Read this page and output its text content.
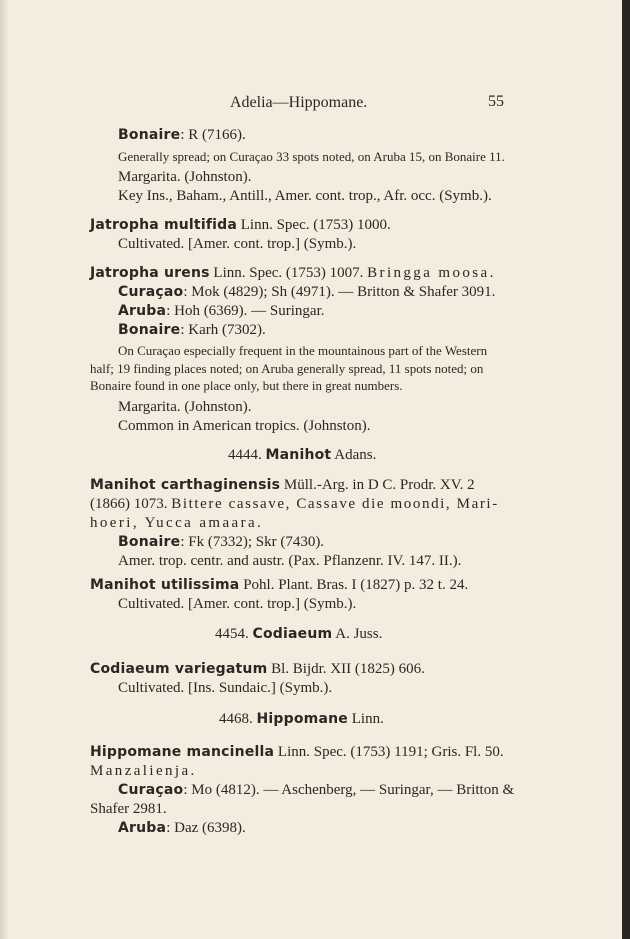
Adelia—Hippomane.	55
Bonaire: R (7166).
Generally spread; on Curaçao 33 spots noted, on Aruba 15, on Bonaire 11.
Margarita. (Johnston).
Key Ins., Baham., Antill., Amer. cont. trop., Afr. occ. (Symb.).
Jatropha multifida Linn. Spec. (1753) 1000.
Cultivated. [Amer. cont. trop.] (Symb.).
Jatropha urens Linn. Spec. (1753) 1007. Bringga moosa.
Curaçao: Mok (4829); Sh (4971). — Britton & Shafer 3091.
Aruba: Hoh (6369). — Suringar.
Bonaire: Karh (7302).
On Curaçao especially frequent in the mountainous part of the Western
half; 19 finding places noted; on Aruba generally spread, 11 spots noted; on
Bonaire found in one place only, but there in great numbers.
Margarita. (Johnston).
Common in American tropics. (Johnston).
4444. Manihot Adans.
Manihot carthaginensis Müll.-Arg. in D C. Prodr. XV. 2
(1866) 1073. Bittere cassave, Cassave die moondi, Mari-
hoeri, Yucca amaara.
Bonaire: Fk (7332); Skr (7430).
Amer. trop. centr. and austr. (Pax. Pflanzenr. IV. 147. II.).
Manihot utilissima Pohl. Plant. Bras. I (1827) p. 32 t. 24.
Cultivated. [Amer. cont. trop.] (Symb.).
4454. Codiaeum A. Juss.
Codiaeum variegatum Bl. Bijdr. XII (1825) 606.
Cultivated. [Ins. Sundaic.] (Symb.).
4468. Hippomane Linn.
Hippomane mancinella Linn. Spec. (1753) 1191; Gris. Fl. 50.
Manzalienja.
Curaçao: Mo (4812). — Aschenberg, — Suringar, — Britton &
Shafer 2981.
Aruba: Daz (6398).
